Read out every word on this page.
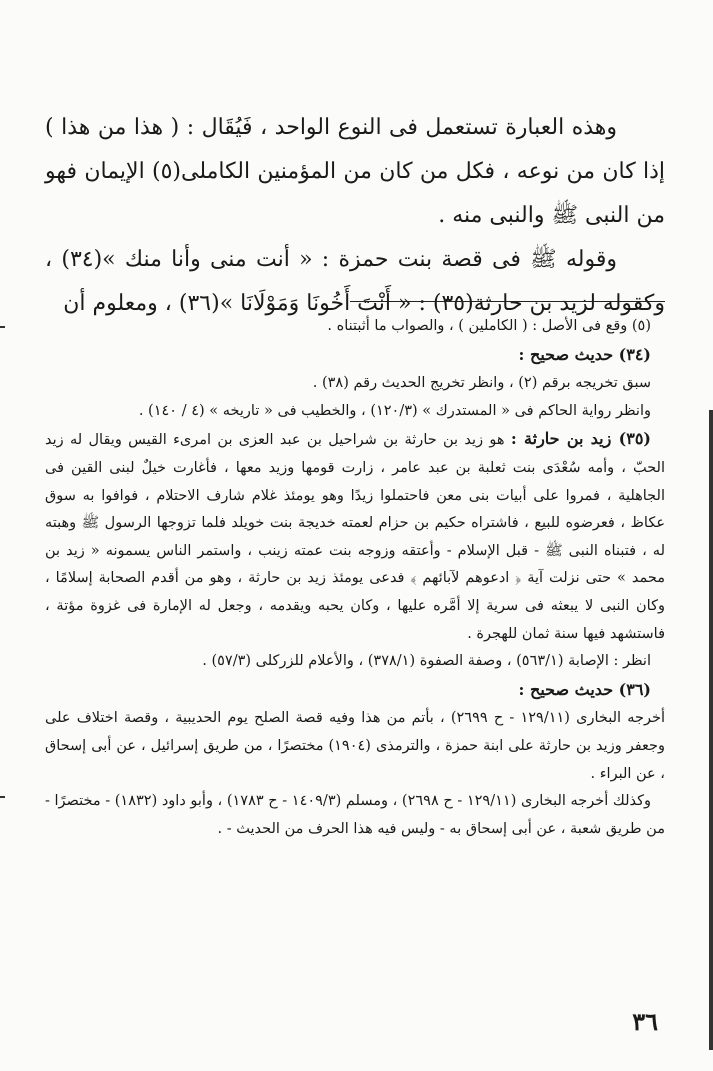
وهذه العبارة تستعمل فى النوع الواحد ، فَيُقَال : ( هذا من هذا ) إذا كان من نوعه ، فكل من كان من المؤمنين الكاملى(٥) الإيمان فهو من النبى ﷺ والنبى منه .

وقوله ﷺ فى قصة بنت حمزة : « أنت منى وأنا منك »(٣٤) ، وكقوله لزيد بن حارثة(٣٥) : « أَنْتَ أَخُونَا وَمَوْلَانَا »(٣٦) ، ومعلوم أن

(٥) وقع فى الأصل : ( الكاملين ) ، والصواب ما أثبتناه .

(٣٤) حديث صحيح :

سبق تخريجه برقم (٢) ، وانظر تخريج الحديث رقم (٣٨) .

وانظر رواية الحاكم فى « المستدرك » (١٢٠/٣) ، والخطيب فى « تاريخه » (٤ / ١٤٠) .

(٣٥) زيد بن حارثة : هو زيد بن حارثة بن شراحيل بن عبد العزى بن امرىء القيس ويقال له زيد الحبّ ، وأمه سُعْدَى بنت ثعلبة بن عبد عامر ، زارت قومها وزيد معها ، فأغارت خيلٌ لبنى القين فى الجاهلية ، فمروا على أبيات بنى معن فاحتملوا زيدًا وهو يومئذ غلام شارف الاحتلام ، فوافوا به سوق عكاظ ، فعرضوه للبيع ، فاشتراه حكيم بن حزام لعمته خديجة بنت خويلد فلما تزوجها الرسول ﷺ وهبته له ، فتبناه النبى ﷺ - قبل الإسلام - وأعتقه وزوجه بنت عمته زينب ، واستمر الناس يسمونه « زيد بن محمد » حتى نزلت آية ﴿ ادعوهم لآبائهم ﴾ فدعى يومئذ زيد بن حارثة ، وهو من أقدم الصحابة إسلامًا ، وكان النبى لا يبعثه فى سرية إلا أمَّره عليها ، وكان يحبه ويقدمه ، وجعل له الإمارة فى غزوة مؤتة ، فاستشهد فيها سنة ثمان للهجرة .

انظر : الإصابة (٥٦٣/١) ، وصفة الصفوة (٣٧٨/١) ، والأعلام للزركلى (٥٧/٣) .

(٣٦) حديث صحيح :

أخرجه البخارى (١٢٩/١١ - ح ٢٦٩٩) ، بأتم من هذا وفيه قصة الصلح يوم الحديبية ، وقصة اختلاف على وجعفر وزيد بن حارثة على ابنة حمزة ، والترمذى (١٩٠٤) مختصرًا ، من طريق إسرائيل ، عن أبى إسحاق ، عن البراء .

وكذلك أخرجه البخارى (١٢٩/١١ - ح ٢٦٩٨) ، ومسلم (١٤٠٩/٣ - ح ١٧٨٣) ، وأبو داود (١٨٣٢) - مختصرًا - من طريق شعبة ، عن أبى إسحاق به - وليس فيه هذا الحرف من الحديث - .

٣٦
